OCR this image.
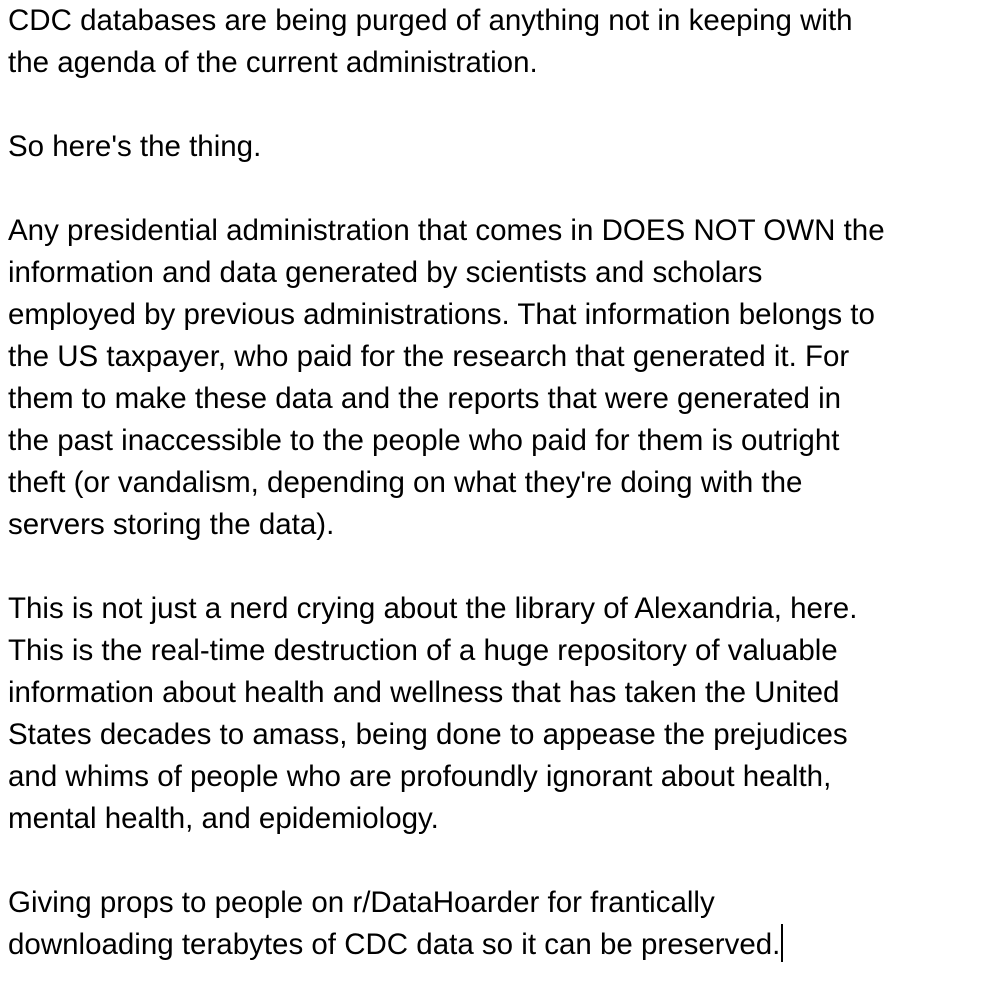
CDC databases are being purged of anything not in keeping with
the agenda of the current administration.

So here's the thing.

Any presidential administration that comes in DOES NOT OWN the
information and data generated by scientists and scholars
employed by previous administrations. That information belongs to
the US taxpayer, who paid for the research that generated it. For
them to make these data and the reports that were generated in
the past inaccessible to the people who paid for them is outright
theft (or vandalism, depending on what they're doing with the
servers storing the data).

This is not just a nerd crying about the library of Alexandria, here.
This is the real-time destruction of a huge repository of valuable
information about health and wellness that has taken the United
States decades to amass, being done to appease the prejudices
and whims of people who are profoundly ignorant about health,
mental health, and epidemiology.

Giving props to people on r/DataHoarder for frantically
downloading terabytes of CDC data so it can be preserved.
